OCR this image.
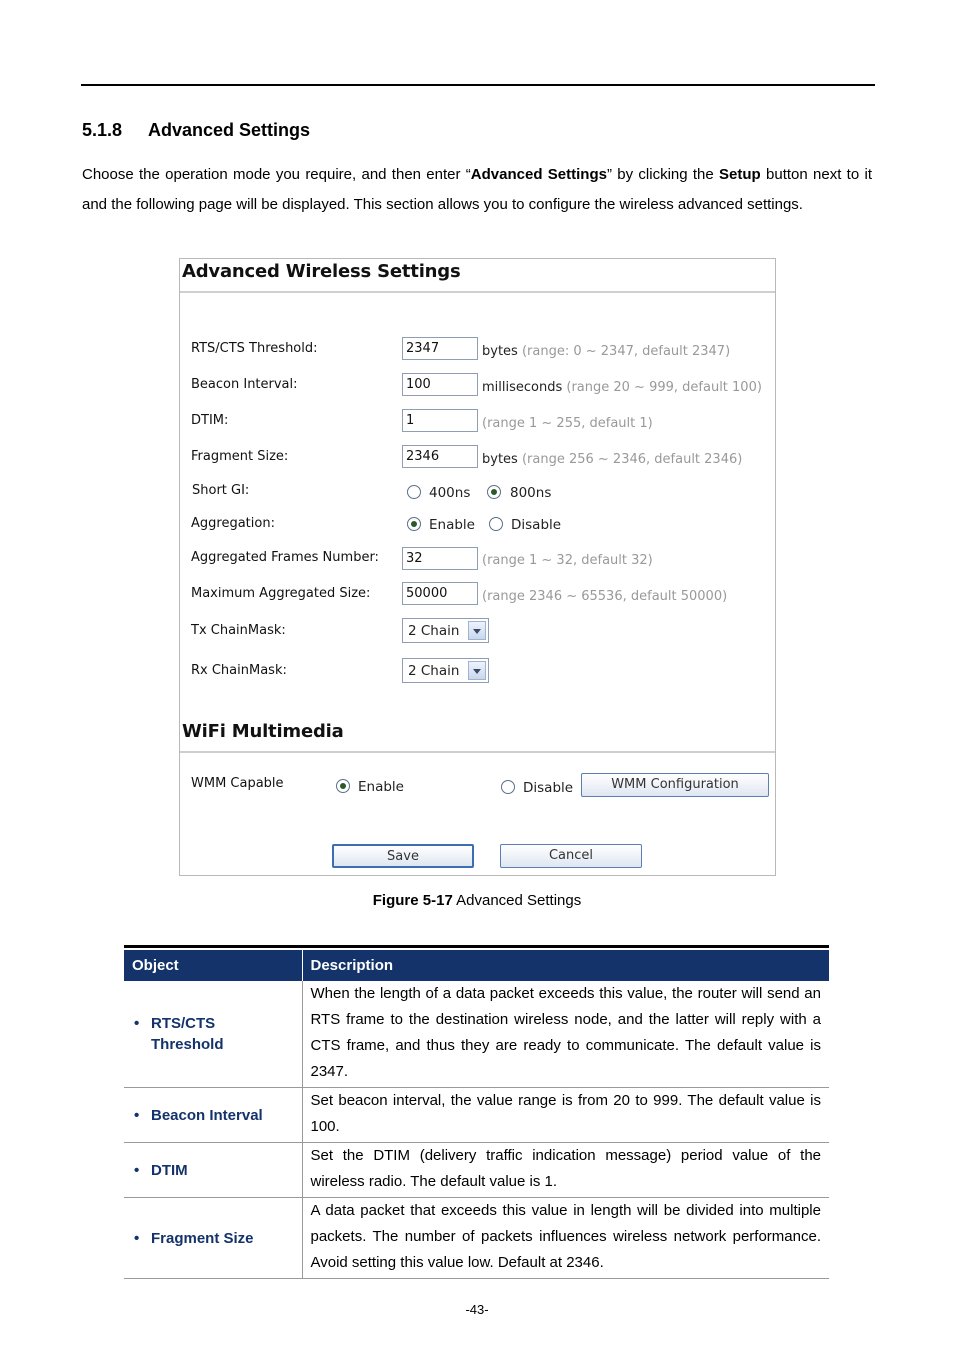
5.1.8 Advanced Settings

Choose the operation mode you require, and then enter “Advanced Settings” by clicking the Setup button next to it and the following page will be displayed. This section allows you to configure the wireless advanced settings.

Advanced Wireless Settings
RTS/CTS Threshold:
2347	bytes (range: 0 ~ 2347, default 2347)
Beacon Interval:
100	milliseconds (range 20 ~ 999, default 100)
DTIM:
1	(range 1 ~ 255, default 1)
Fragment Size:
2346	bytes (range 256 ~ 2346, default 2346)
Short GI:	400ns	800ns
Aggregation:	Enable	Disable
Aggregated Frames Number:
32	(range 1 ~ 32, default 32)
Maximum Aggregated Size:
50000	(range 2346 ~ 65536, default 50000)
Tx ChainMask:	2 Chain
Rx ChainMask:	2 Chain
WiFi Multimedia
WMM Capable	Enable	Disable	WMM Configuration
Save	Cancel
Figure 5-17 Advanced Settings
Object	Description

• RTS/CTS Threshold	When the length of a data packet exceeds this value, the router will send an RTS frame to the destination wireless node, and the latter will reply with a CTS frame, and thus they are ready to communicate. The default value is 2347.

• Beacon Interval	Set beacon interval, the value range is from 20 to 999. The default value is 100.

• DTIM	Set the DTIM (delivery traffic indication message) period value of the wireless radio. The default value is 1.

• Fragment Size	A data packet that exceeds this value in length will be divided into multiple packets. The number of packets influences wireless network performance. Avoid setting this value low. Default at 2346.
-43-
